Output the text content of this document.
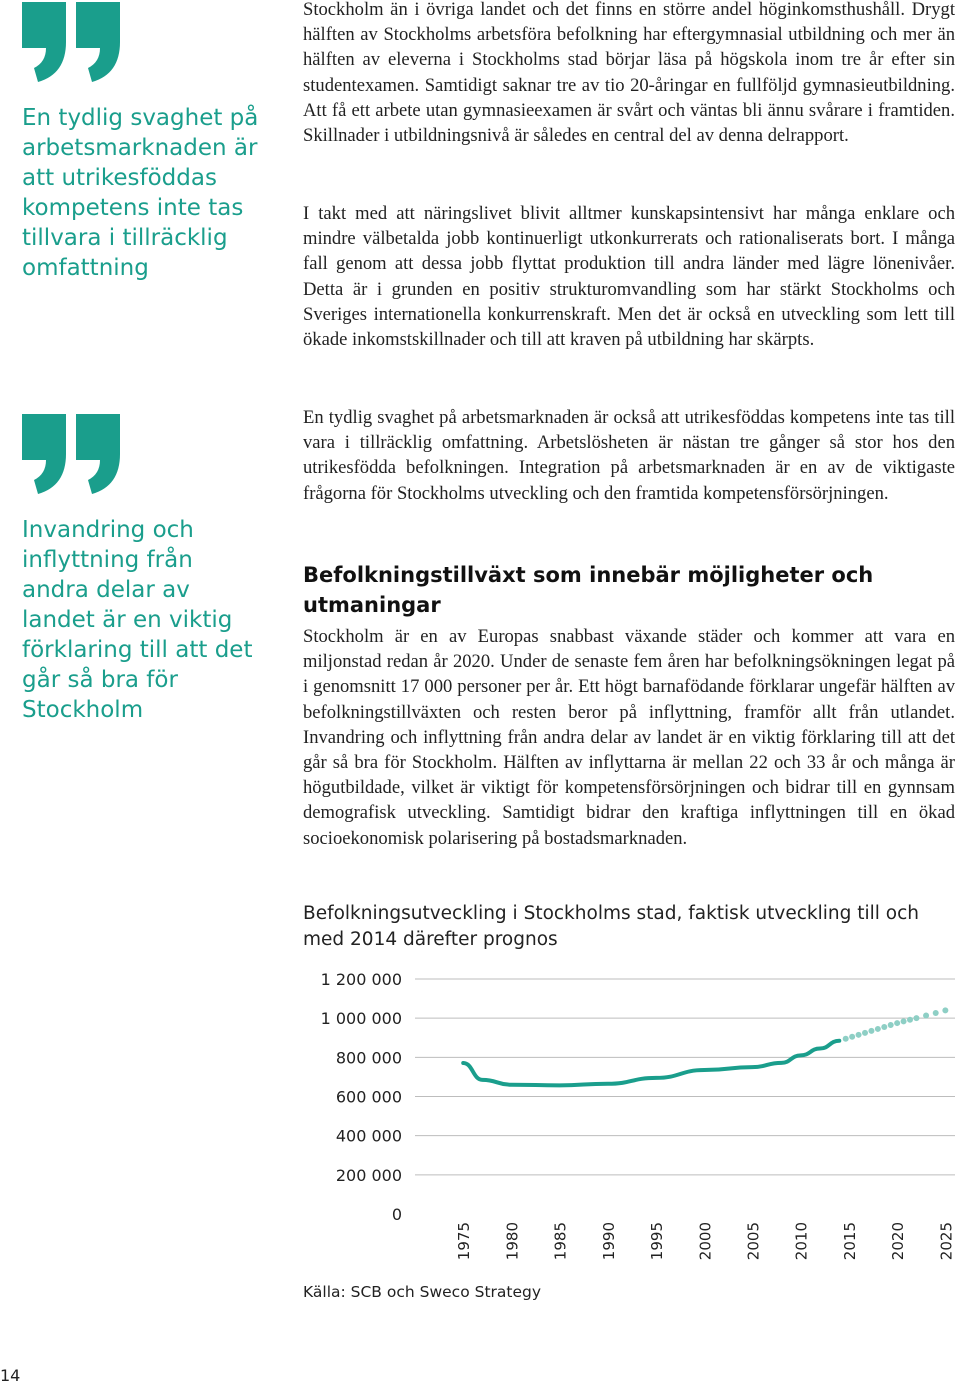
En tydlig svaghet på arbetsmarknaden är att utrikesföddas kompetens inte tas tillvara i tillräcklig omfattning
Invandring och inflyttning från andra delar av landet är en viktig förklaring till att det går så bra för Stockholm

Stockholm än i övriga landet och det finns en större andel höginkomsthushåll. Drygt hälften av Stockholms arbetsföra befolkning har eftergymnasial utbildning och mer än hälften av eleverna i Stockholms stad börjar läsa på högskola inom tre år efter sin studentexamen. Samtidigt saknar tre av tio 20-åringar en fullföljd gymnasieutbildning. Att få ett arbete utan gymnasieexamen är svårt och väntas bli ännu svårare i framtiden. Skillnader i utbildningsnivå är således en central del av denna delrapport.

I takt med att näringslivet blivit alltmer kunskapsintensivt har många enklare och mindre välbetalda jobb kontinuerligt utkonkurrerats och rationaliserats bort. I många fall genom att dessa jobb flyttat produktion till andra länder med lägre lönenivåer. Detta är i grunden en positiv strukturomvandling som har stärkt Stockholms och Sveriges internationella konkurrenskraft. Men det är också en utveckling som lett till ökade inkomstskillnader och till att kraven på utbildning har skärpts.

En tydlig svaghet på arbetsmarknaden är också att utrikesföddas kompetens inte tas till vara i tillräcklig omfattning. Arbetslösheten är nästan tre gånger så stor hos den utrikesfödda befolkningen. Integration på arbetsmarknaden är en av de viktigaste frågorna för Stockholms utveckling och den framtida kompetensförsörjningen.

Befolkningstillväxt som innebär möjligheter och utmaningar

Stockholm är en av Europas snabbast växande städer och kommer att vara en miljonstad redan år 2020. Under de senaste fem åren har befolkningsökningen legat på i genomsnitt 17 000 personer per år. Ett högt barnafödande förklarar ungefär hälften av befolkningstillväxten och resten beror på inflyttning, framför allt från utlandet. Invandring och inflyttning från andra delar av landet är en viktig förklaring till att det går så bra för Stockholm. Hälften av inflyttarna är mellan 22 och 33 år och många är högutbildade, vilket är viktigt för kompetensförsörjningen och bidrar till en gynnsam demografisk utveckling. Samtidigt bidrar den kraftiga inflyttningen till en ökad socioekonomisk polarisering på bostadsmarknaden.

Befolkningsutveckling i Stockholms stad, faktisk utveckling till och med 2014 därefter prognos
0
200 000
400 000
600 000
800 000
1 000 000
1 200 000
1975 1980 1985 1990 1995 2000 2005 2010 2015 2020 2025
Källa: SCB och Sweco Strategy
14
